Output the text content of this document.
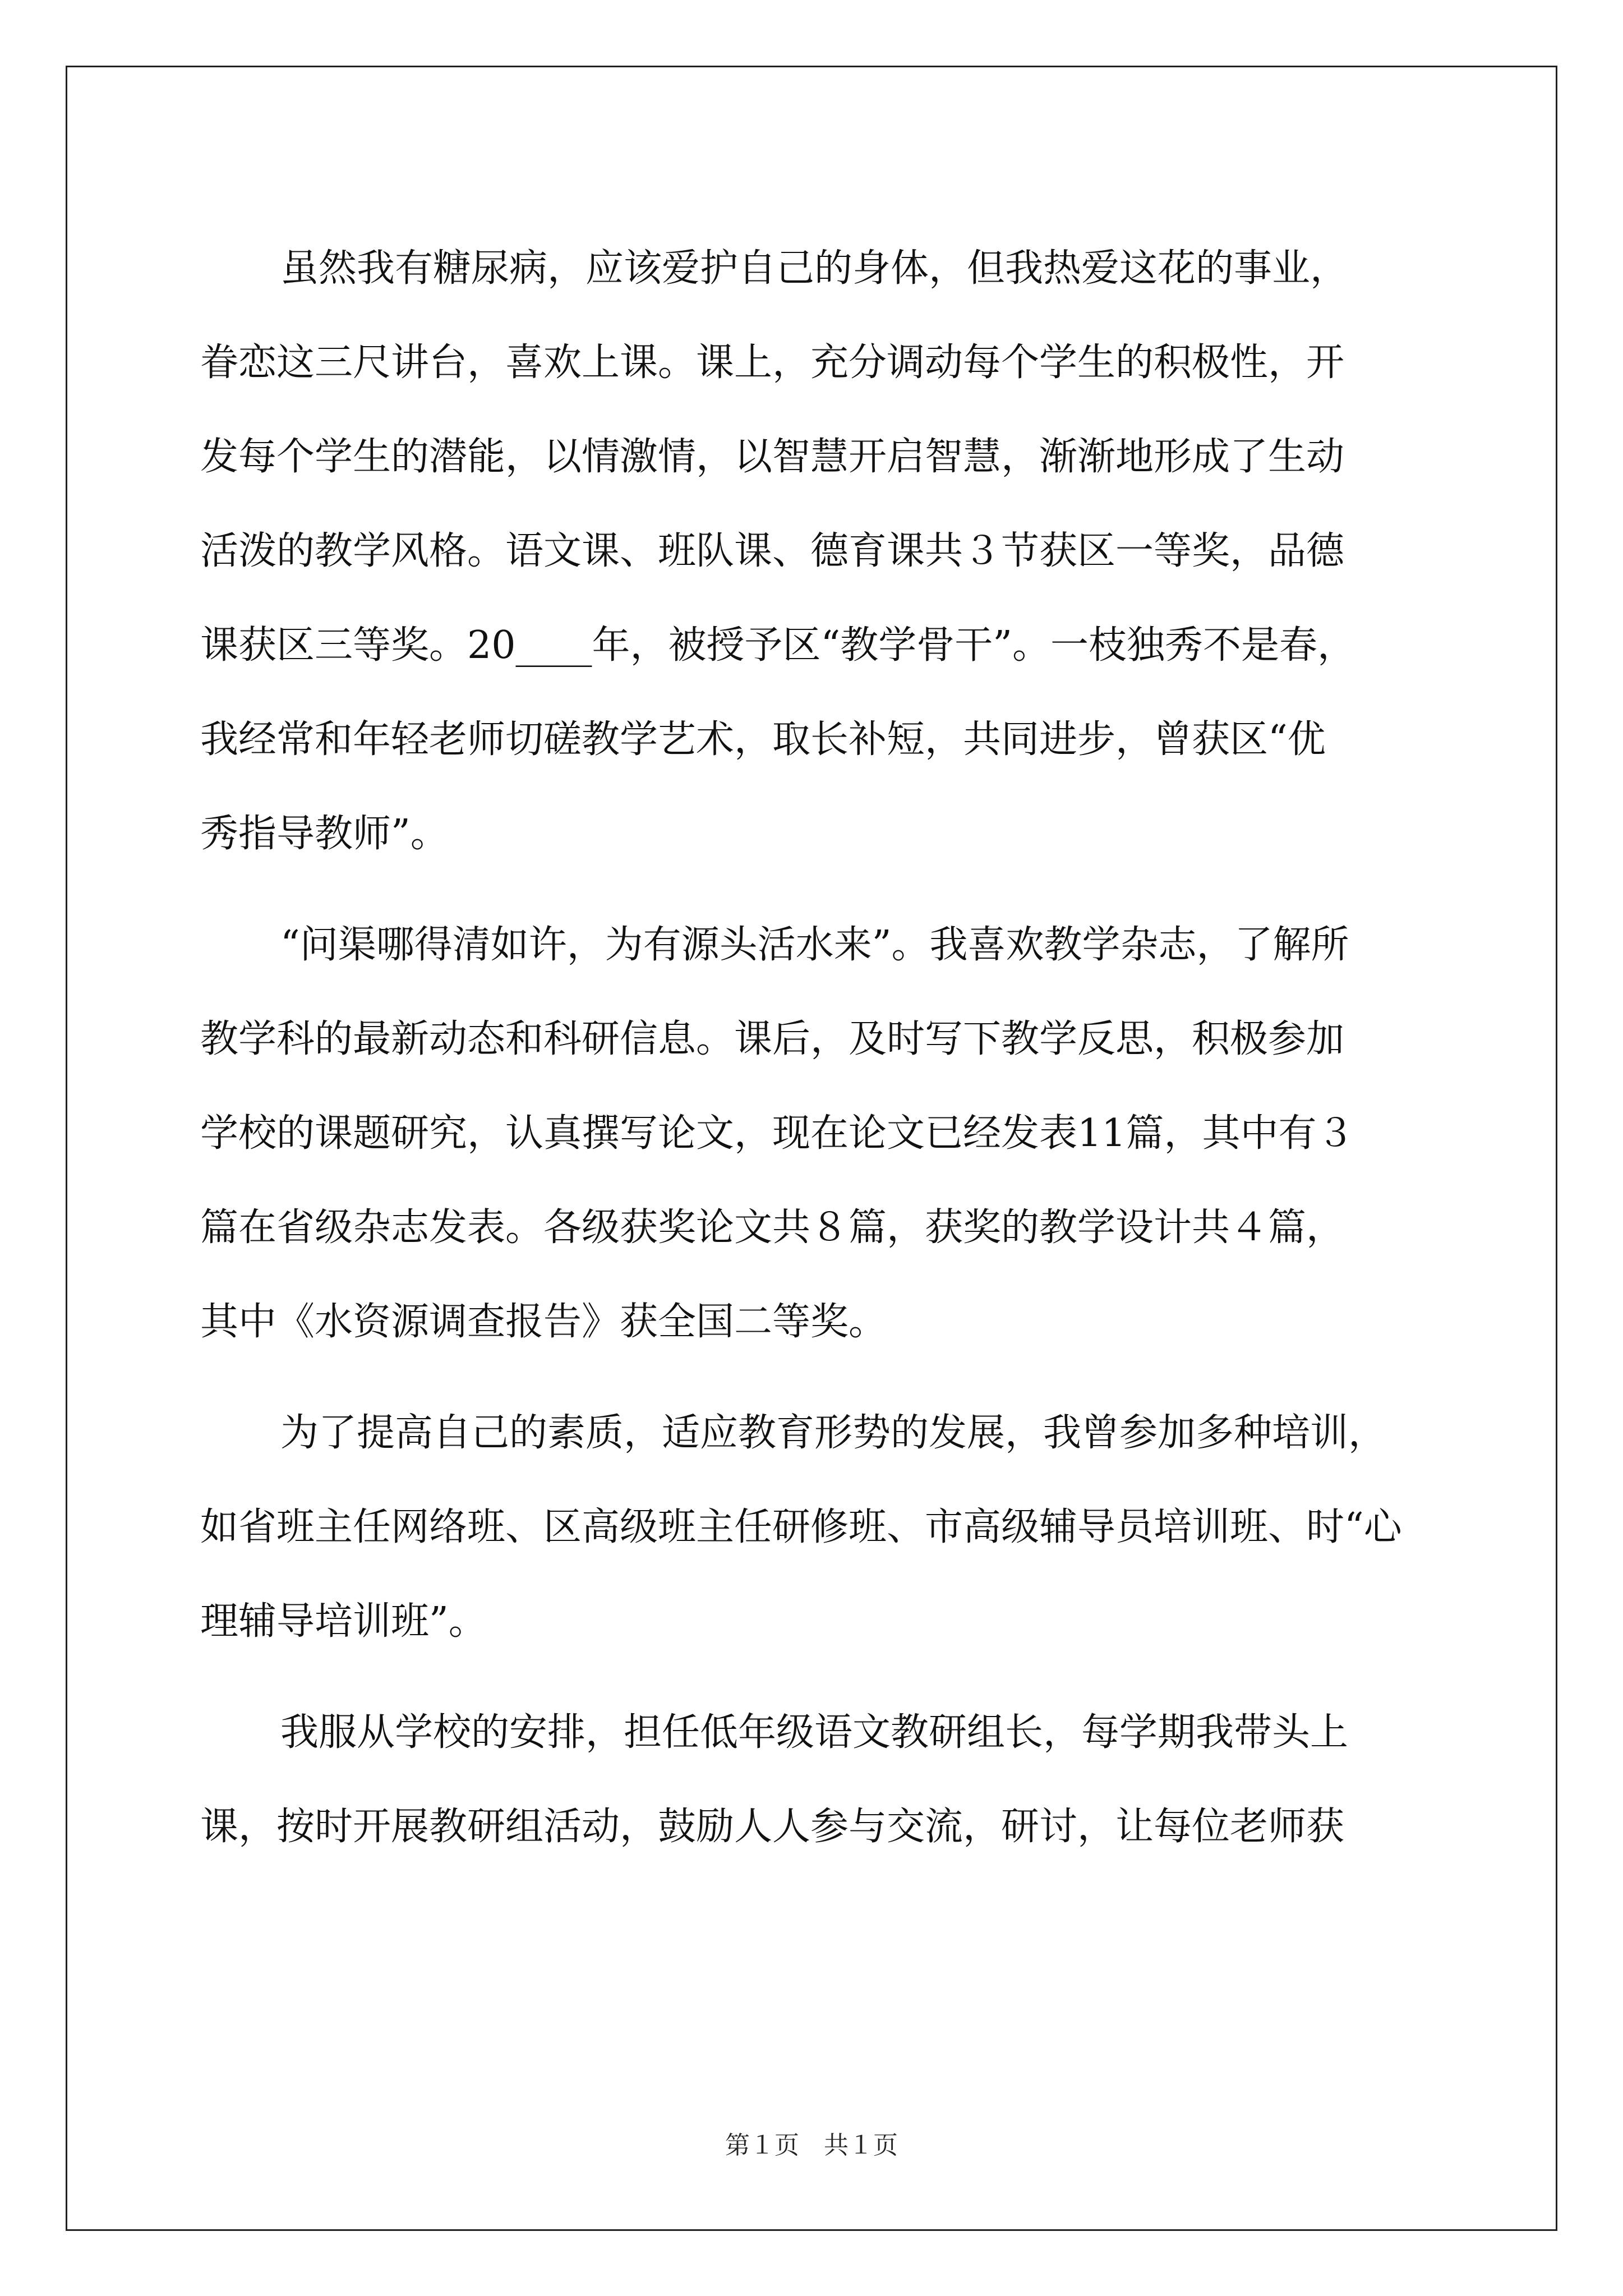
虽然我有糖尿病，应该爱护自己的身体，但我热爱这花的事业，
眷恋这三尺讲台，喜欢上课。课上，充分调动每个学生的积极性，开
发每个学生的潜能，以情激情，以智慧开启智慧，渐渐地形成了生动
活泼的教学风格。语文课、班队课、德育课共３节获区一等奖，品德
课获区三等奖。20____年，被授予区“教学骨干”。一枝独秀不是春，
我经常和年轻老师切磋教学艺术，取长补短，共同进步，曾获区“优
秀指导教师”。
“问渠哪得清如许，为有源头活水来”。我喜欢教学杂志，了解所
教学科的最新动态和科研信息。课后，及时写下教学反思，积极参加
学校的课题研究，认真撰写论文，现在论文已经发表11篇，其中有３
篇在省级杂志发表。各级获奖论文共８篇，获奖的教学设计共４篇，
其中《水资源调查报告》获全国二等奖。
为了提高自己的素质，适应教育形势的发展，我曾参加多种培训，
如省班主任网络班、区高级班主任研修班、市高级辅导员培训班、时“心
理辅导培训班”。
我服从学校的安排，担任低年级语文教研组长，每学期我带头上
课，按时开展教研组活动，鼓励人人参与交流，研讨，让每位老师获
第１页　共１页
